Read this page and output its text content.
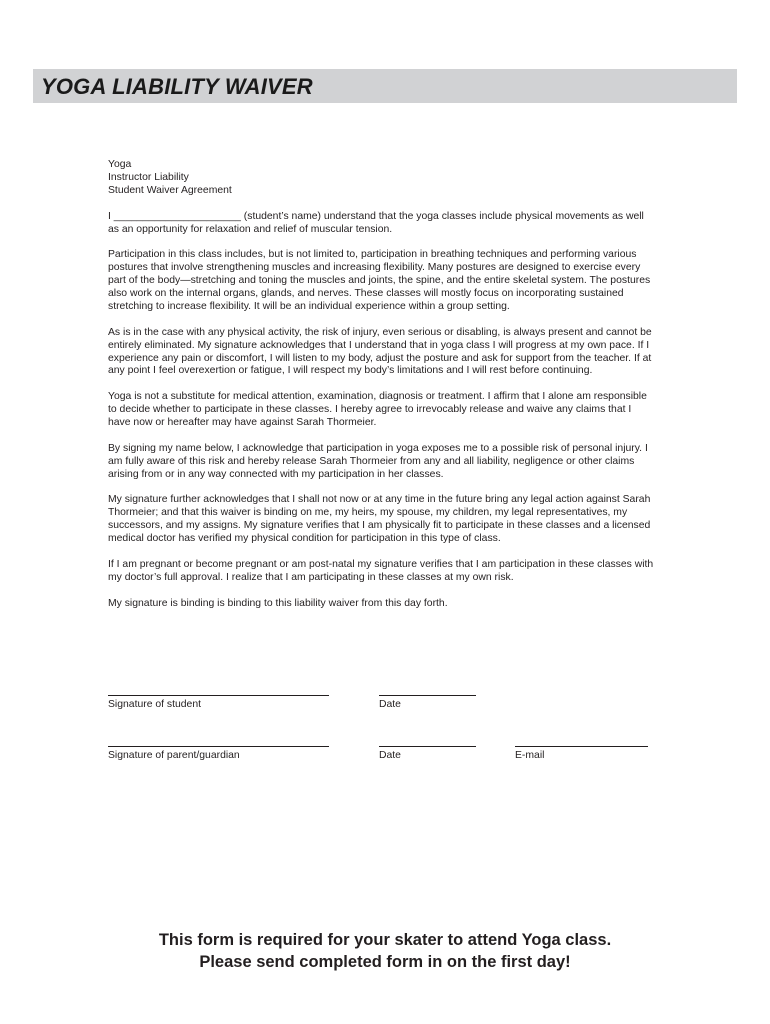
YOGA LIABILITY WAIVER

Yoga

Instructor Liability

Student Waiver Agreement

I ______________________ (student’s name) understand that the yoga classes include physical movements as well as an opportunity for relaxation and relief of muscular tension.

Participation in this class includes, but is not limited to, participation in breathing techniques and performing various postures that involve strengthening muscles and increasing flexibility. Many postures are designed to exercise every part of the body—stretching and toning the muscles and joints, the spine, and the entire skeletal system. The postures also work on the internal organs, glands, and nerves. These classes will mostly focus on incorporating sustained stretching to increase flexibility. It will be an individual experience within a group setting.

As is in the case with any physical activity, the risk of injury, even serious or disabling, is always present and cannot be entirely eliminated. My signature acknowledges that I understand that in yoga class I will progress at my own pace. If I experience any pain or discomfort, I will listen to my body, adjust the posture and ask for support from the teacher. If at any point I feel overexertion or fatigue, I will respect my body’s limitations and I will rest before continuing.

Yoga is not a substitute for medical attention, examination, diagnosis or treatment. I affirm that I alone am responsible to decide whether to participate in these classes. I hereby agree to irrevocably release and waive any claims that I have now or hereafter may have against Sarah Thormeier.

By signing my name below, I acknowledge that participation in yoga exposes me to a possible risk of personal injury. I am fully aware of this risk and hereby release Sarah Thormeier from any and all liability, negligence or other claims arising from or in any way connected with my participation in her classes.

My signature further acknowledges that I shall not now or at any time in the future bring any legal action against Sarah Thormeier; and that this waiver is binding on me, my heirs, my spouse, my children, my legal representatives, my successors, and my assigns. My signature verifies that I am physically fit to participate in these classes and a licensed medical doctor has verified my physical condition for participation in this type of class.

If I am pregnant or become pregnant or am post-natal my signature verifies that I am participation in these classes with my doctor’s full approval. I realize that I am participating in these classes at my own risk.

My signature is binding is binding to this liability waiver from this day forth.

Signature of student	Date
Signature of parent/guardian	Date	E-mail
This form is required for your skater to attend Yoga class.
Please send completed form in on the first day!
